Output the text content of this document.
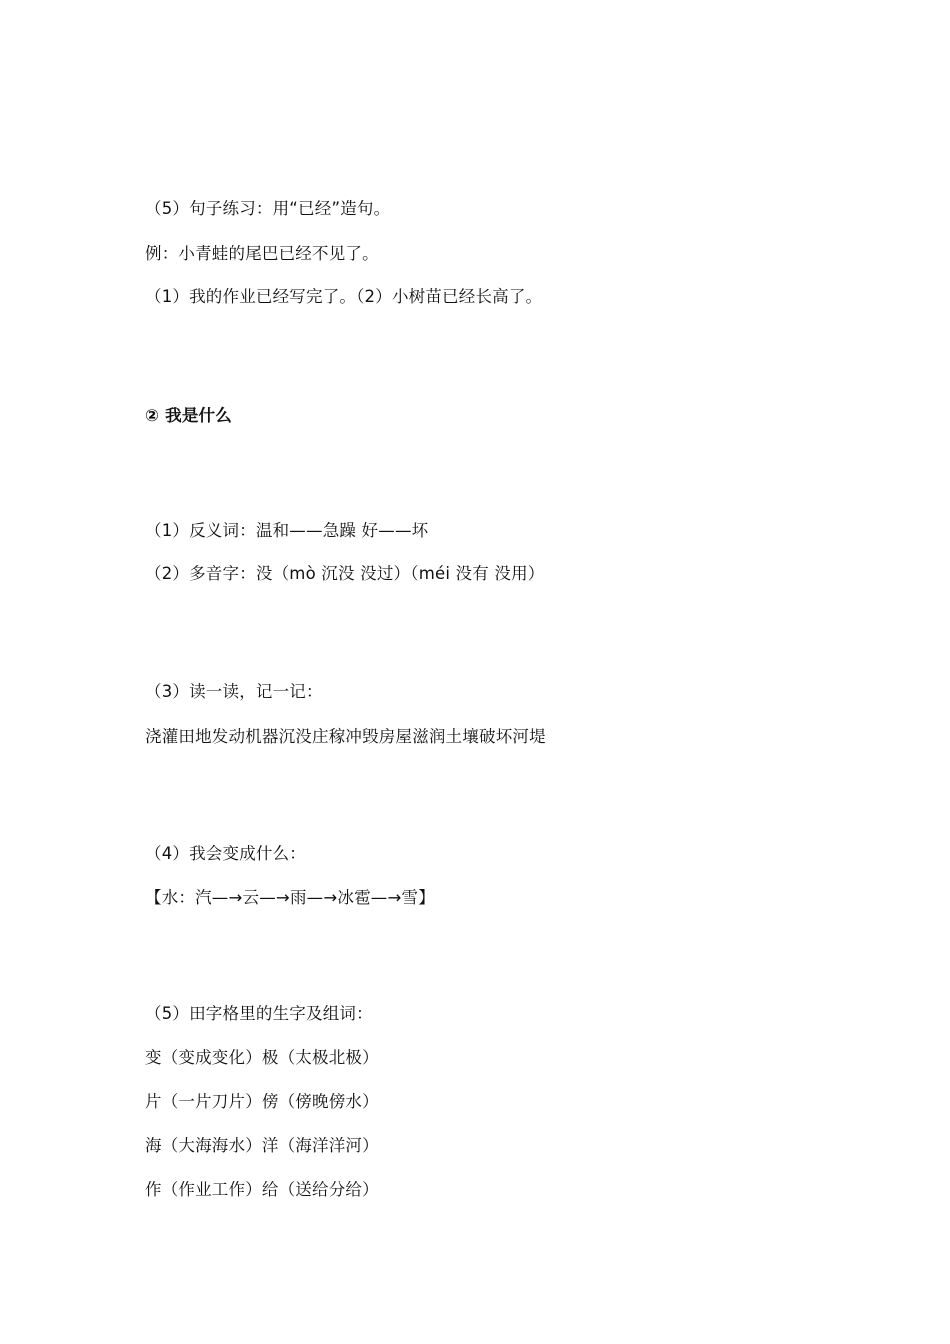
（5）句子练习：用“已经”造句。
例：小青蛙的尾巴已经不见了。
（1）我的作业已经写完了。（2）小树苗已经长高了。
② 我是什么
（1）反义词：温和——急躁 好——坏
（2）多音字：没（mò 沉没 没过）（méi 没有 没用）
（3）读一读，记一记：
浇灌田地发动机器沉没庄稼冲毁房屋滋润土壤破坏河堤
（4）我会变成什么：
【水：汽—→云—→雨—→冰雹—→雪】
（5）田字格里的生字及组词：
变（变成变化）极（太极北极）
片（一片刀片）傍（傍晚傍水）
海（大海海水）洋（海洋洋河）
作（作业工作）给（送给分给）
